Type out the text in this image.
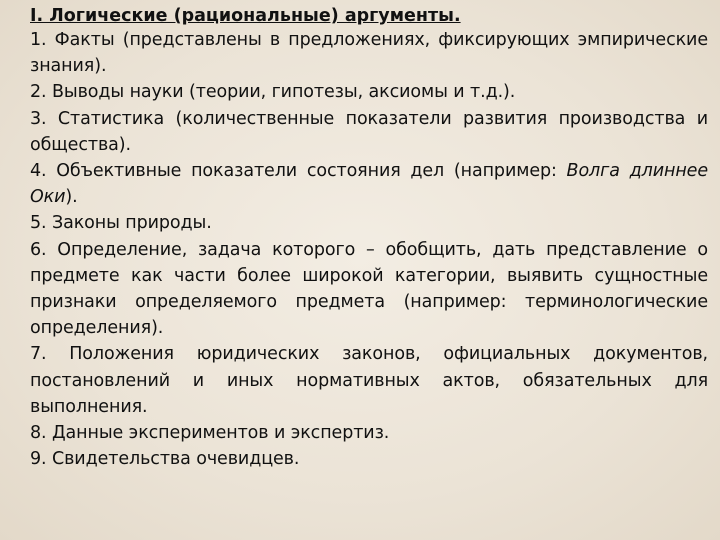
I. Логические (рациональные) аргументы.
1. Факты (представлены в предложениях, фиксирующих эмпирические знания).
2. Выводы науки (теории, гипотезы, аксиомы и т.д.).
3. Статистика (количественные показатели развития производства и общества).
4. Объективные показатели состояния дел (например: Волга длиннее Оки).
5. Законы природы.
6. Определение, задача которого – обобщить, дать представление о предмете как части более широкой категории, выявить сущностные признаки определяемого предмета (например: терминологические определения).
7. Положения юридических законов, официальных документов, постановлений и иных нормативных актов, обязательных для выполнения.
8. Данные экспериментов и экспертиз.
9. Свидетельства очевидцев.
